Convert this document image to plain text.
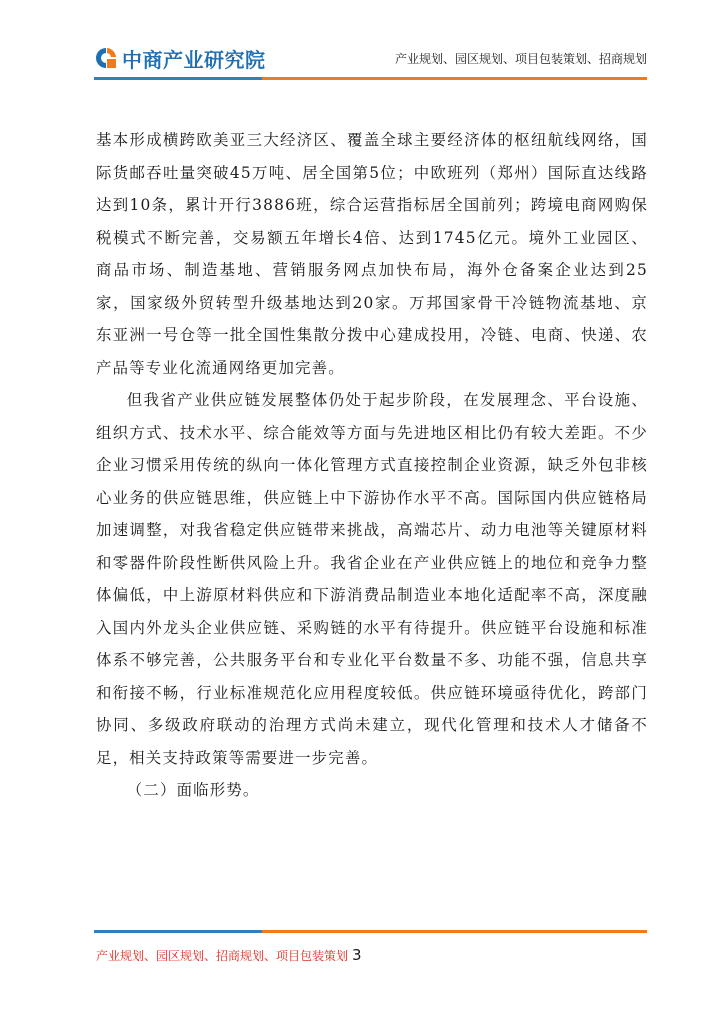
中商产业研究院	产业规划、园区规划、项目包装策划、招商规划

基本形成横跨欧美亚三大经济区、覆盖全球主要经济体的枢纽航线网络，国际货邮吞吐量突破45万吨、居全国第5位；中欧班列（郑州）国际直达线路达到10条，累计开行3886班，综合运营指标居全国前列；跨境电商网购保税模式不断完善，交易额五年增长4倍、达到1745亿元。境外工业园区、商品市场、制造基地、营销服务网点加快布局，海外仓备案企业达到25家，国家级外贸转型升级基地达到20家。万邦国家骨干冷链物流基地、京东亚洲一号仓等一批全国性集散分拨中心建成投用，冷链、电商、快递、农产品等专业化流通网络更加完善。

但我省产业供应链发展整体仍处于起步阶段，在发展理念、平台设施、组织方式、技术水平、综合能效等方面与先进地区相比仍有较大差距。不少企业习惯采用传统的纵向一体化管理方式直接控制企业资源，缺乏外包非核心业务的供应链思维，供应链上中下游协作水平不高。国际国内供应链格局加速调整，对我省稳定供应链带来挑战，高端芯片、动力电池等关键原材料和零器件阶段性断供风险上升。我省企业在产业供应链上的地位和竞争力整体偏低，中上游原材料供应和下游消费品制造业本地化适配率不高，深度融入国内外龙头企业供应链、采购链的水平有待提升。供应链平台设施和标准体系不够完善，公共服务平台和专业化平台数量不多、功能不强，信息共享和衔接不畅，行业标准规范化应用程度较低。供应链环境亟待优化，跨部门协同、多级政府联动的治理方式尚未建立，现代化管理和技术人才储备不足，相关支持政策等需要进一步完善。

（二）面临形势。

产业规划、园区规划、招商规划、项目包装策划 3
